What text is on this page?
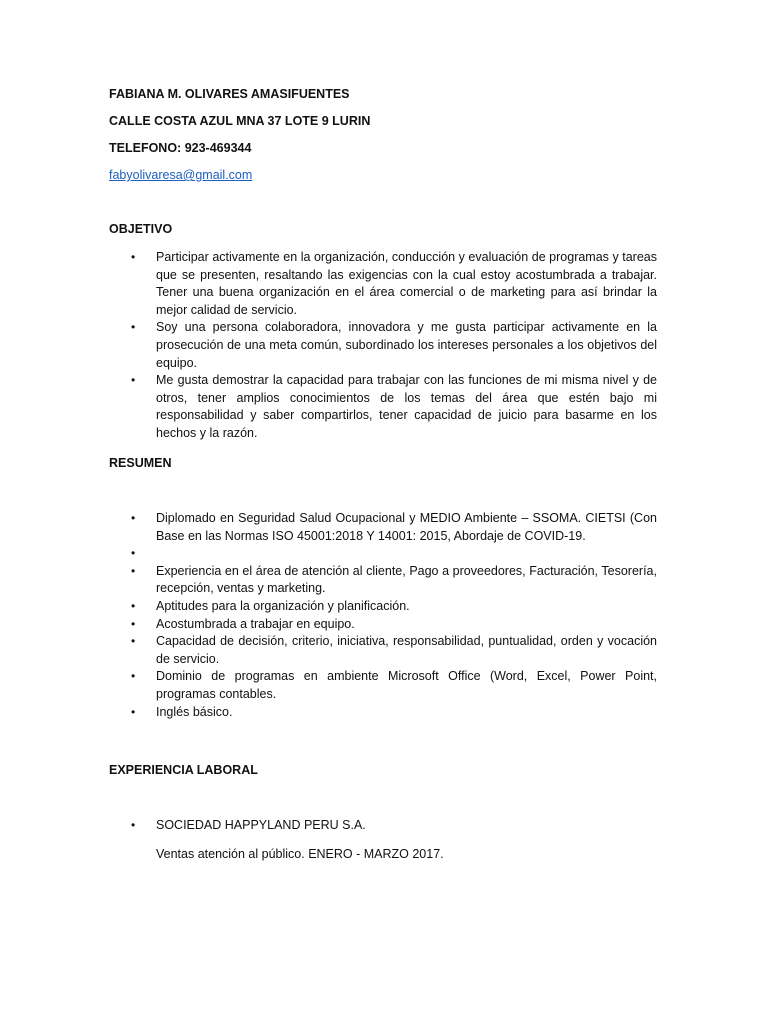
FABIANA M. OLIVARES AMASIFUENTES
CALLE COSTA AZUL MNA 37 LOTE 9 LURIN
TELEFONO: 923-469344
fabyolivaresa@gmail.com
OBJETIVO
• Participar activamente en la organización, conducción y evaluación de programas y tareas que se presenten, resaltando las exigencias con la cual estoy acostumbrada a trabajar. Tener una buena organización en el área comercial o de marketing para así brindar la mejor calidad de servicio.
• Soy una persona colaboradora, innovadora y me gusta participar activamente en la prosecución de una meta común, subordinado los intereses personales a los objetivos del equipo.
• Me gusta demostrar la capacidad para trabajar con las funciones de mi misma nivel y de otros, tener amplios conocimientos de los temas del área que estén bajo mi responsabilidad y saber compartirlos, tener capacidad de juicio para basarme en los hechos y la razón.
RESUMEN
• Diplomado en Seguridad Salud Ocupacional y MEDIO Ambiente – SSOMA. CIETSI (Con Base en las Normas ISO 45001:2018 Y 14001: 2015, Abordaje de COVID-19.
•
• Experiencia en el área de atención al cliente, Pago a proveedores, Facturación, Tesorería, recepción, ventas y marketing.
• Aptitudes para la organización y planificación.
• Acostumbrada a trabajar en equipo.
• Capacidad de decisión, criterio, iniciativa, responsabilidad, puntualidad, orden y vocación de servicio.
• Dominio de programas en ambiente Microsoft Office (Word, Excel, Power Point, programas contables.
• Inglés básico.
EXPERIENCIA LABORAL
• SOCIEDAD HAPPYLAND PERU S.A.
Ventas atención al público. ENERO - MARZO 2017.
